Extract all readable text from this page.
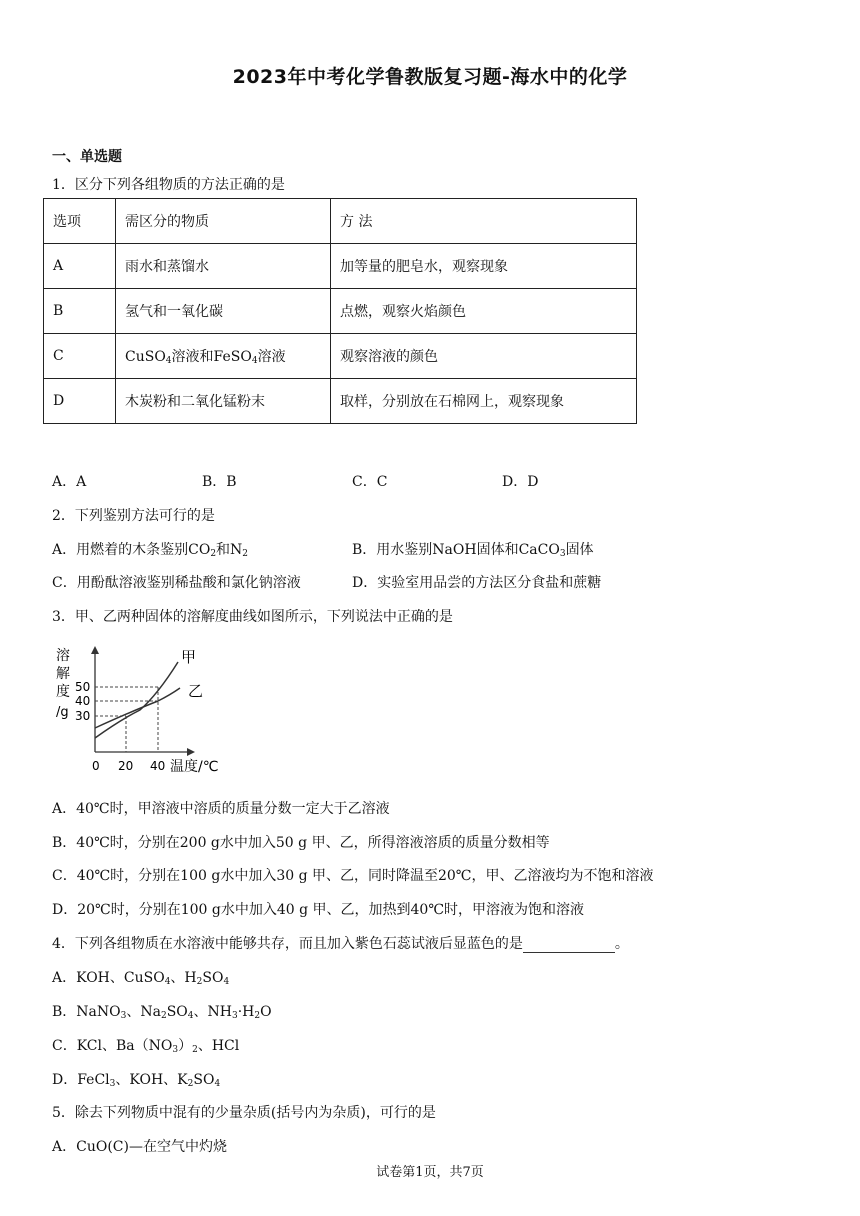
2023年中考化学鲁教版复习题-海水中的化学
一、单选题
1．区分下列各组物质的方法正确的是
选项	需区分的物质	方 法
A	雨水和蒸馏水	加等量的肥皂水，观察现象
B	氢气和一氧化碳	点燃，观察火焰颜色
C	CuSO$_4$溶液和FeSO$_4$溶液	观察溶液的颜色
D	木炭粉和二氧化锰粉末	取样，分别放在石棉网上，观察现象
A．A	B．B	C．C	D．D
2．下列鉴别方法可行的是
A．用燃着的木条鉴别$CO_2$和$N_2$	B．用水鉴别NaOH固体和CaCO$_3$固体
C．用酚酞溶液鉴别稀盐酸和氯化钠溶液	D．实验室用品尝的方法区分食盐和蔗糖
3．甲、乙两种固体的溶解度曲线如图所示，下列说法中正确的是
溶
解
度
/g
50
40
30
甲
乙
0 20 40 温度/℃
A．40℃时，甲溶液中溶质的质量分数一定大于乙溶液
B．40℃时，分别在200 g水中加入50 g 甲、乙，所得溶液溶质的质量分数相等
C．40℃时，分别在100 g水中加入30 g 甲、乙，同时降温至20℃，甲、乙溶液均为不饱和溶液
D．20℃时，分别在100 g水中加入40 g 甲、乙，加热到40℃时，甲溶液为饱和溶液
4．下列各组物质在水溶液中能够共存，而且加入紫色石蕊试液后显蓝色的是	。
A．KOH、CuSO$_4$、$H_2SO_4$
B．NaNO$_3$、$Na_2SO_4$、$NH_3\cdot H_2O$
C．KCl、$Ba(NO_3)_2$、HCl
D．FeCl$_3$、KOH、$K_2SO_4$
5．除去下列物质中混有的少量杂质(括号内为杂质)，可行的是
A．CuO(C)—在空气中灼烧
试卷第1页，共7页
